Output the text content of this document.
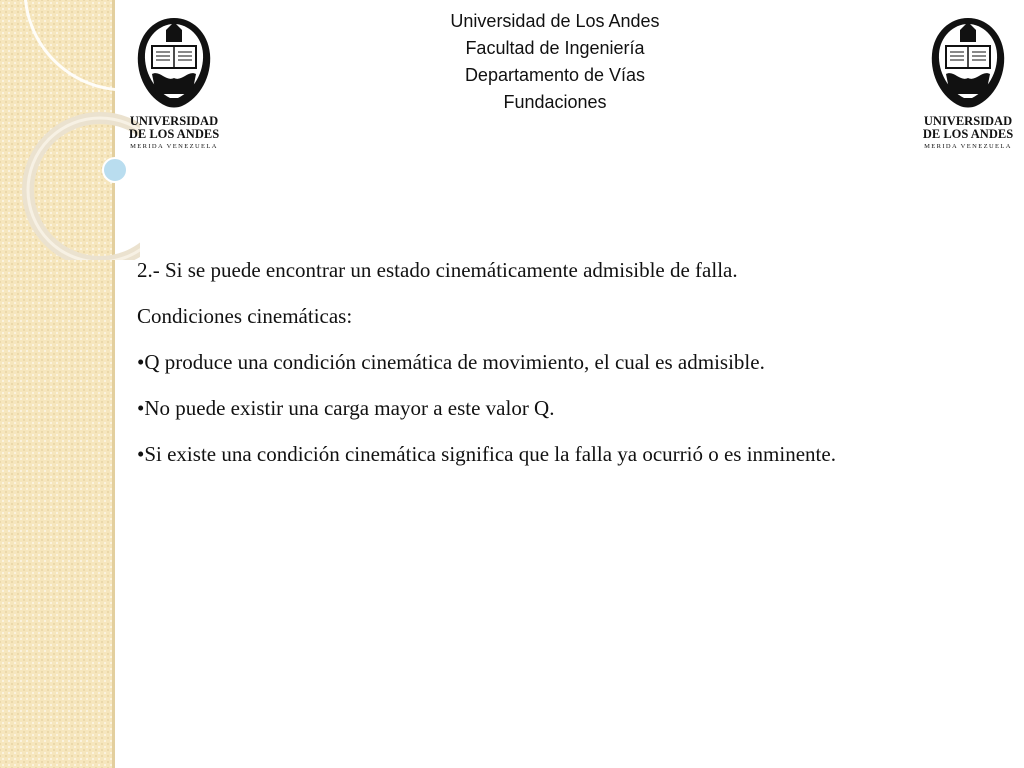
Universidad de Los Andes
Facultad de Ingeniería
Departamento de Vías
Fundaciones
UNIVERSIDAD
DE LOS ANDES
MERIDA VENEZUELA
UNIVERSIDAD
DE LOS ANDES
MERIDA VENEZUELA

2.- Si se puede encontrar un estado cinemáticamente admisible de falla.

Condiciones cinemáticas:

•Q produce una condición cinemática de movimiento, el cual es admisible.

•No puede existir una carga mayor a este valor Q.

•Si existe una condición cinemática significa que la falla ya ocurrió o es inminente.
